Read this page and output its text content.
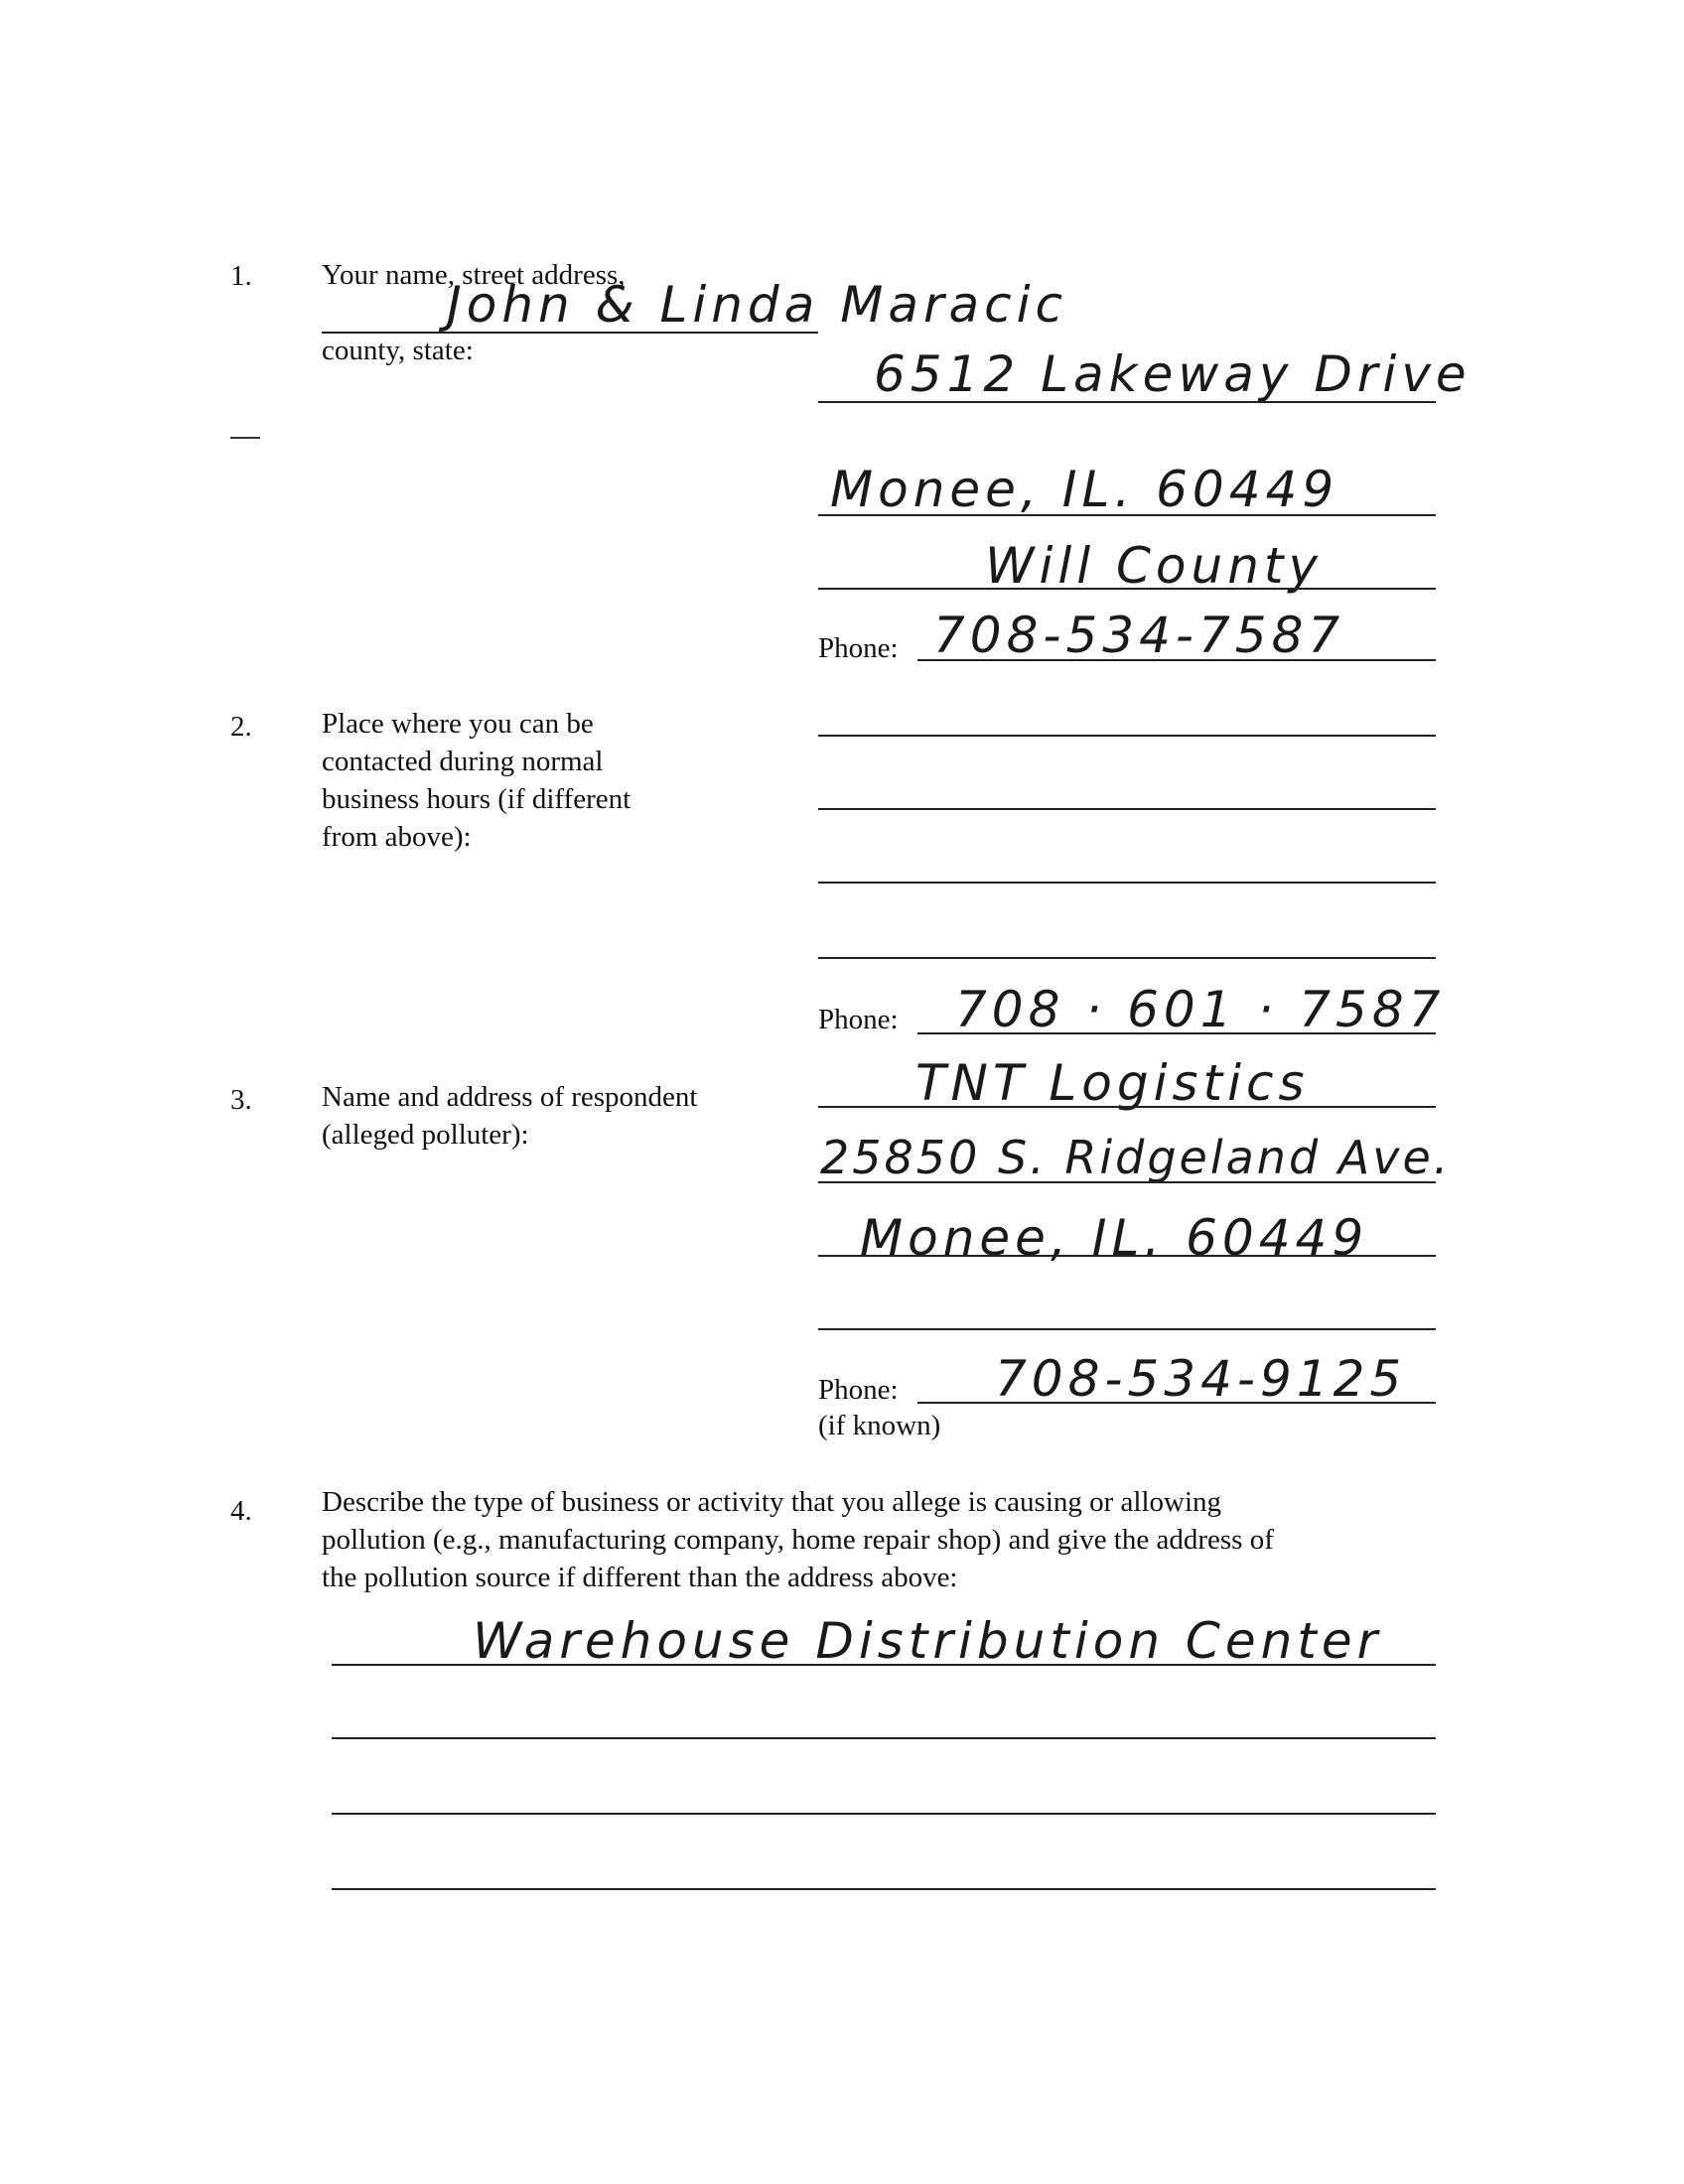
1. Your name, street address,
John & Linda Maracic
county, state:	6512 Lakeway Drive
Monee, IL. 60449
Will County
Phone: 708-534-7587
2. Place where you can be
contacted during normal
business hours (if different
from above):
Phone: 708 · 601 · 7587
3. Name and address of respondent
(alleged polluter):
TNT Logistics
25850 S. Ridgeland Ave.
Monee, IL. 60449
Phone: 708-534-9125
(if known)
4. Describe the type of business or activity that you allege is causing or allowing
pollution (e.g., manufacturing company, home repair shop) and give the address of
the pollution source if different than the address above:
Warehouse Distribution Center
